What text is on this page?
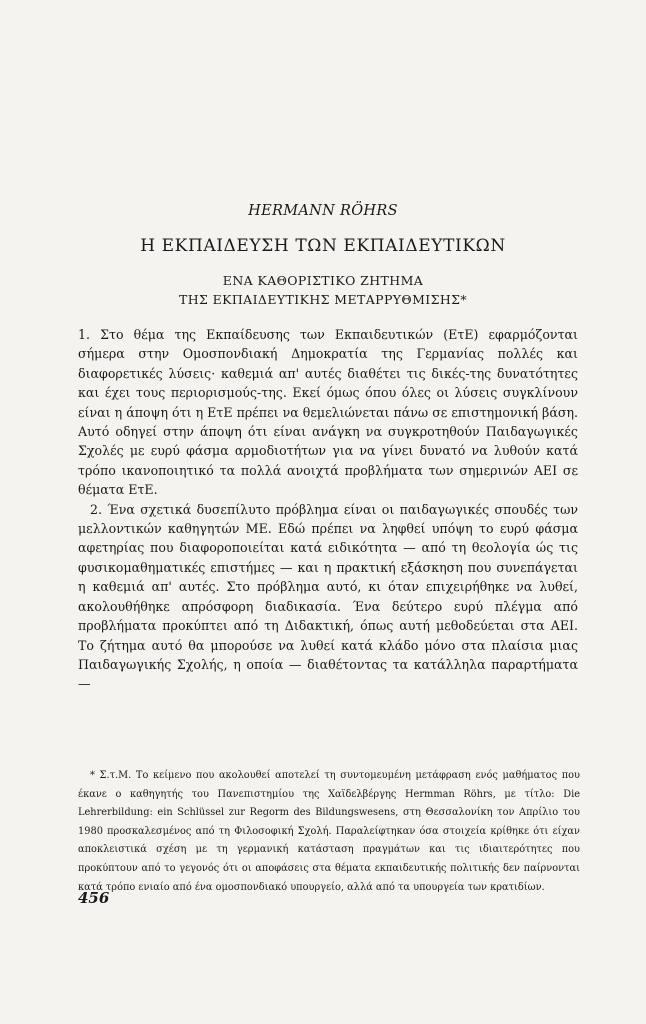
HERMANN RÖHRS
Η ΕΚΠΑΙΔΕΥΣΗ ΤΩΝ ΕΚΠΑΙΔΕΥΤΙΚΩΝ
ΕΝΑ ΚΑΘΟΡΙΣΤΙΚΟ ΖΗΤΗΜΑ
ΤΗΣ ΕΚΠΑΙΔΕΥΤΙΚΗΣ ΜΕΤΑΡΡΥΘΜΙΣΗΣ*

1. Στο θέμα της Εκπαίδευσης των Εκπαιδευτικών (ΕτΕ) εφαρμόζονται σήμερα στην Ομοσπονδιακή Δημοκρατία της Γερμανίας πολλές και διαφορετικές λύσεις· καθεμιά απ' αυτές διαθέτει τις δικές-της δυνατότητες και έχει τους περιορισμούς-της. Εκεί όμως όπου όλες οι λύσεις συγκλίνουν είναι η άποψη ότι η ΕτΕ πρέπει να θεμελιώνεται πάνω σε επιστημονική βάση. Αυτό οδηγεί στην άποψη ότι είναι ανάγκη να συγκροτηθούν Παιδαγωγικές Σχολές με ευρύ φάσμα αρμοδιοτήτων για να γίνει δυνατό να λυθούν κατά τρόπο ικανοποιητικό τα πολλά ανοιχτά προβλήματα των σημερινών ΑΕΙ σε θέματα ΕτΕ.

2. Ένα σχετικά δυσεπίλυτο πρόβλημα είναι οι παιδαγωγικές σπουδές των μελλοντικών καθηγητών ΜΕ. Εδώ πρέπει να ληφθεί υπόψη το ευρύ φάσμα αφετηρίας που διαφοροποιείται κατά ειδικότητα — από τη θεολογία ώς τις φυσικομαθηματικές επιστήμες — και η πρακτική εξάσκηση που συνεπάγεται η καθεμιά απ' αυτές. Στο πρόβλημα αυτό, κι όταν επιχειρήθηκε να λυθεί, ακολουθήθηκε απρόσφορη διαδικασία. Ένα δεύτερο ευρύ πλέγμα από προβλήματα προκύπτει από τη Διδακτική, όπως αυτή μεθοδεύεται στα ΑΕΙ. Το ζήτημα αυτό θα μπορούσε να λυθεί κατά κλάδο μόνο στα πλαίσια μιας Παιδαγωγικής Σχολής, η οποία — διαθέτοντας τα κατάλληλα παραρτήματα —

* Σ.τ.Μ. Το κείμενο που ακολουθεί αποτελεί τη συντομευμένη μετάφραση ενός μαθήματος που έκανε ο καθηγητής του Πανεπιστημίου της Χαϊδελβέργης Hermman Röhrs, με τίτλο: Die Lehrerbildung: ein Schlüssel zur Regorm des Bildungswesens, στη Θεσσαλονίκη τον Απρίλιο του 1980 προσκαλεσμένος από τη Φιλοσοφική Σχολή. Παραλείφτηκαν όσα στοιχεία κρίθηκε ότι είχαν αποκλειστικά σχέση με τη γερμανική κατάσταση πραγμάτων και τις ιδιαιτερότητες που προκύπτουν από το γεγονός ότι οι αποφάσεις στα θέματα εκπαιδευτικής πολιτικής δεν παίρνονται κατά τρόπο ενιαίο από ένα ομοσπονδιακό υπουργείο, αλλά από τα υπουργεία των κρατιδίων.

456
